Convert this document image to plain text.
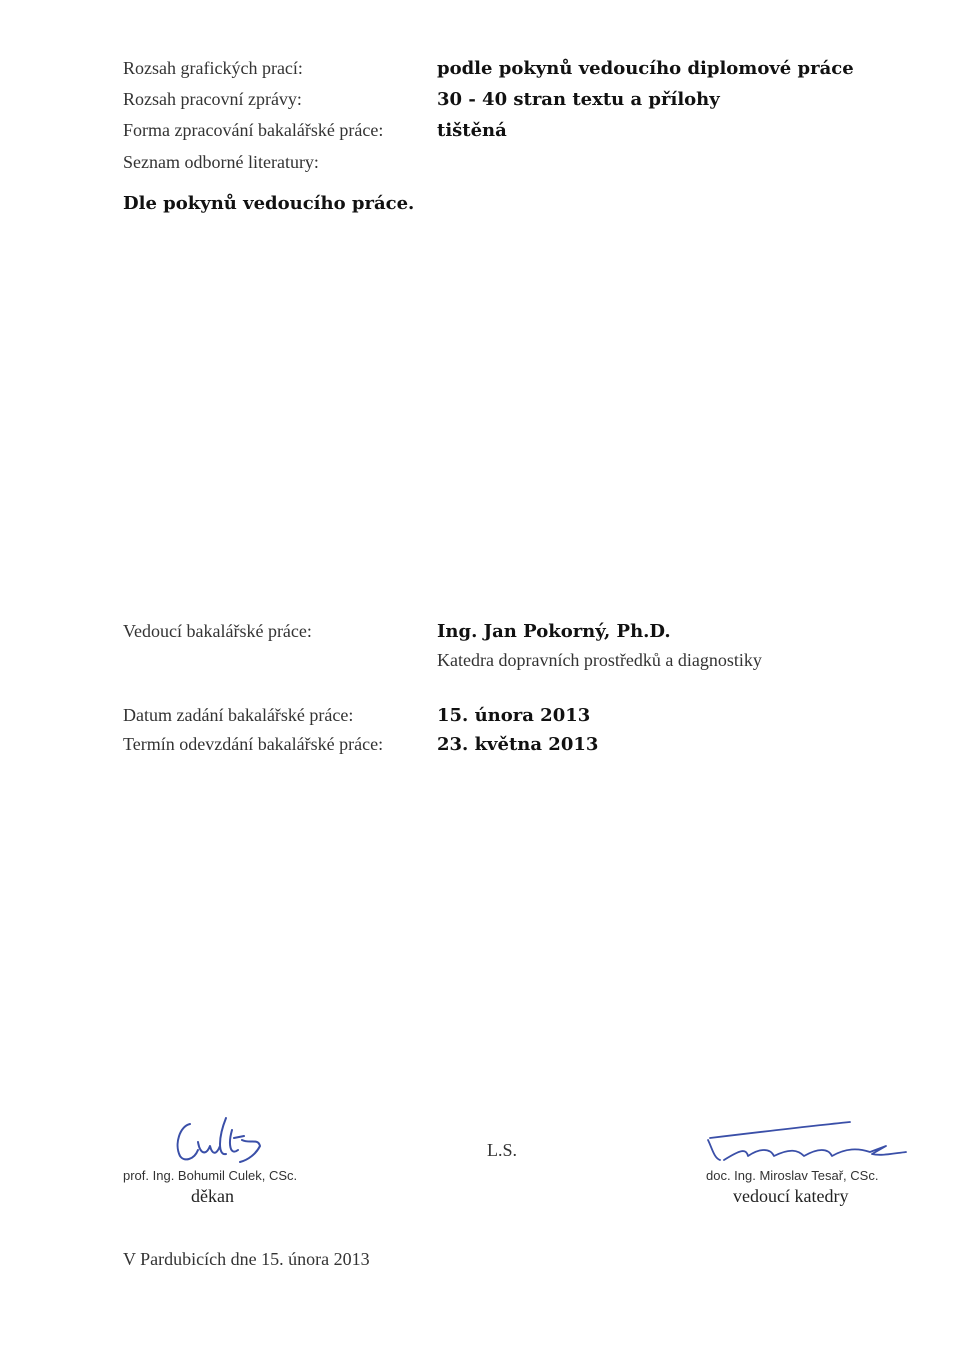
Rozsah grafických prací:	podle pokynů vedoucího diplomové práce
Rozsah pracovní zprávy:	30 - 40 stran textu a přílohy
Forma zpracování bakalářské práce:	tištěná
Seznam odborné literatury:
Dle pokynů vedoucího práce.
Vedoucí bakalářské práce:	Ing. Jan Pokorný, Ph.D.
Katedra dopravních prostředků a diagnostiky
Datum zadání bakalářské práce:	15. února 2013
Termín odevzdání bakalářské práce:	23. května 2013
prof. Ing. Bohumil Culek, CSc.
děkan
L.S.
doc. Ing. Miroslav Tesař, CSc.
vedoucí katedry
V Pardubicích dne 15. února 2013
